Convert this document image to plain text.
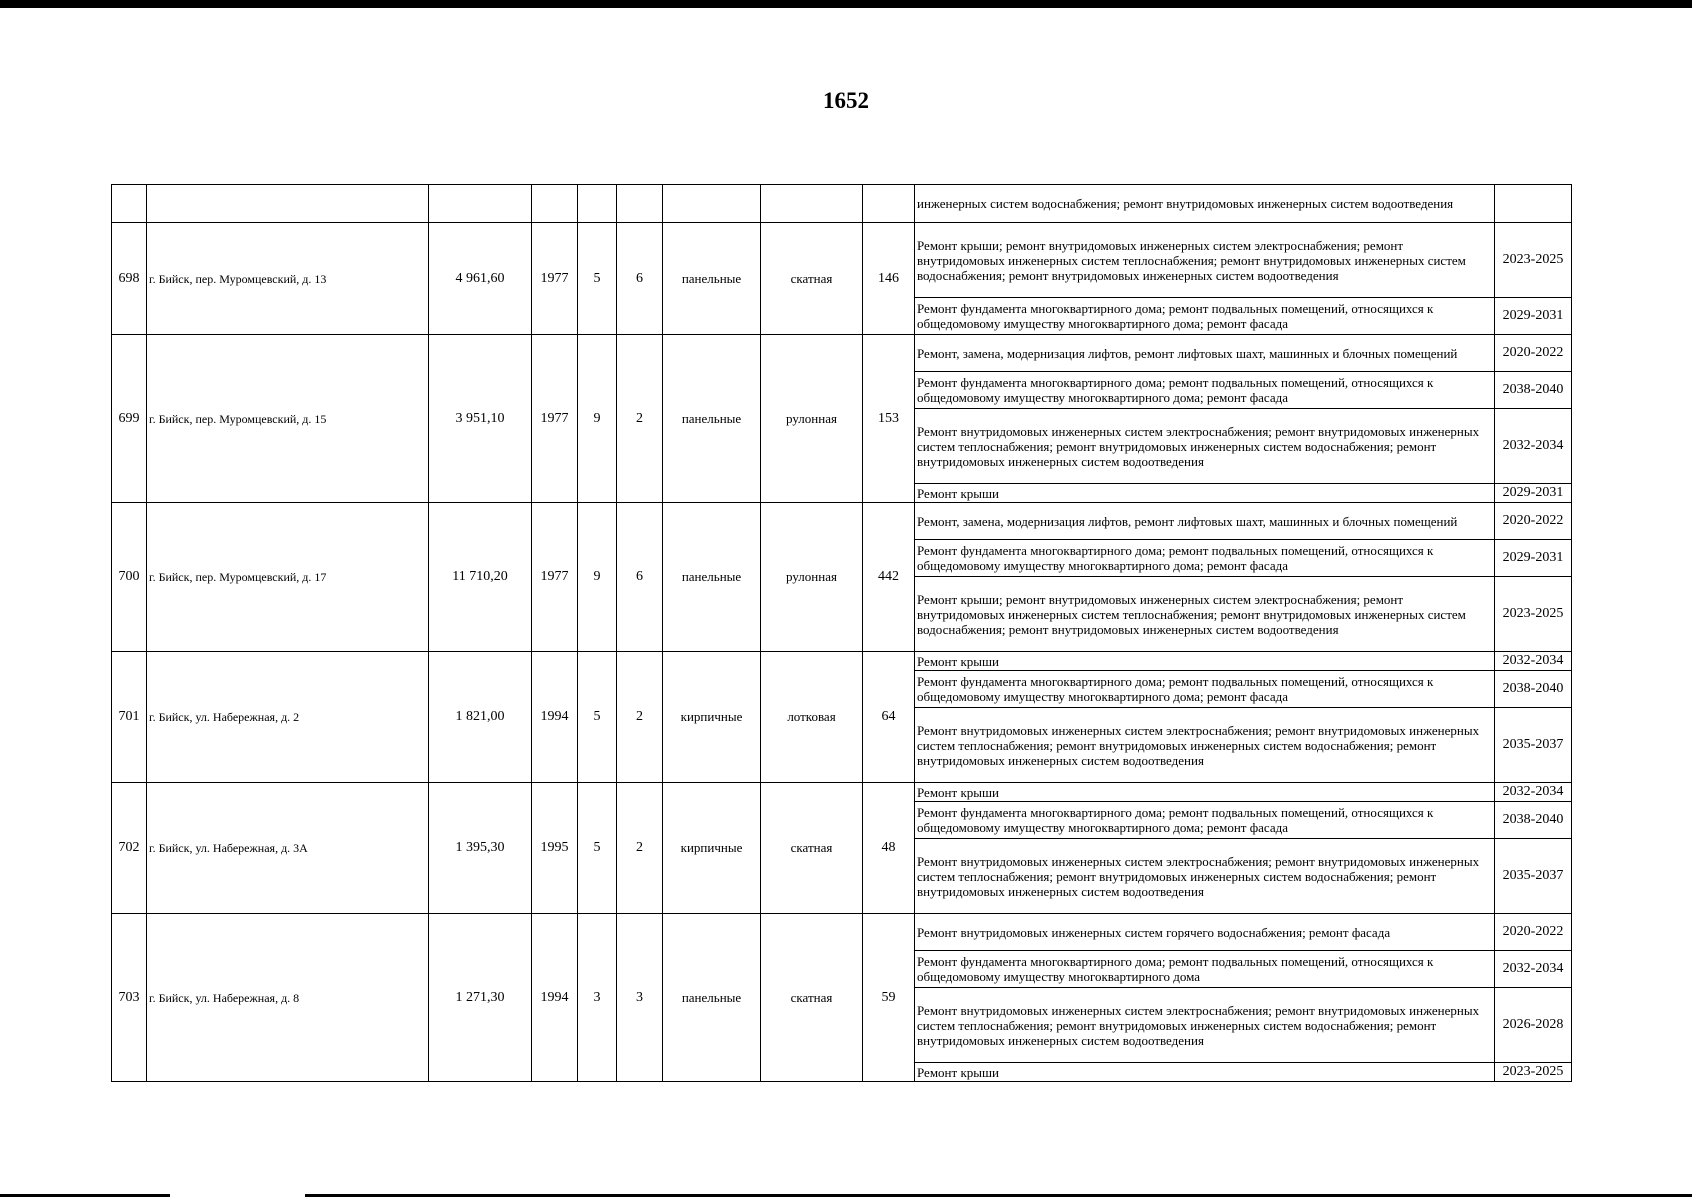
1652
									инженерных систем водоснабжения; ремонт внутридомовых инженерных систем водоотведения	
698	г. Бийск, пер. Муромцевский, д. 13	4 961,60	1977	5	6	панельные	скатная	146	Ремонт крыши; ремонт внутридомовых инженерных систем электроснабжения; ремонт внутридомовых инженерных систем теплоснабжения; ремонт внутридомовых инженерных систем водоснабжения; ремонт внутридомовых инженерных систем водоотведения	2023-2025
									Ремонт фундамента многоквартирного дома; ремонт подвальных помещений, относящихся к общедомовому имуществу многоквартирного дома; ремонт фасада	2029-2031
699	г. Бийск, пер. Муромцевский, д. 15	3 951,10	1977	9	2	панельные	рулонная	153	Ремонт, замена, модернизация лифтов, ремонт лифтовых шахт, машинных и блочных помещений	2020-2022
									Ремонт фундамента многоквартирного дома; ремонт подвальных помещений, относящихся к общедомовому имуществу многоквартирного дома; ремонт фасада	2038-2040
									Ремонт внутридомовых инженерных систем электроснабжения; ремонт внутридомовых инженерных систем теплоснабжения; ремонт внутридомовых инженерных систем водоснабжения; ремонт внутридомовых инженерных систем водоотведения	2032-2034
									Ремонт крыши	2029-2031
700	г. Бийск, пер. Муромцевский, д. 17	11 710,20	1977	9	6	панельные	рулонная	442	Ремонт, замена, модернизация лифтов, ремонт лифтовых шахт, машинных и блочных помещений	2020-2022
									Ремонт фундамента многоквартирного дома; ремонт подвальных помещений, относящихся к общедомовому имуществу многоквартирного дома; ремонт фасада	2029-2031
									Ремонт крыши; ремонт внутридомовых инженерных систем электроснабжения; ремонт внутридомовых инженерных систем теплоснабжения; ремонт внутридомовых инженерных систем водоснабжения; ремонт внутридомовых инженерных систем водоотведения	2023-2025
701	г. Бийск, ул. Набережная, д. 2	1 821,00	1994	5	2	кирпичные	лотковая	64	Ремонт крыши	2032-2034
									Ремонт фундамента многоквартирного дома; ремонт подвальных помещений, относящихся к общедомовому имуществу многоквартирного дома; ремонт фасада	2038-2040
									Ремонт внутридомовых инженерных систем электроснабжения; ремонт внутридомовых инженерных систем теплоснабжения; ремонт внутридомовых инженерных систем водоснабжения; ремонт внутридомовых инженерных систем водоотведения	2035-2037
702	г. Бийск, ул. Набережная, д. 3А	1 395,30	1995	5	2	кирпичные	скатная	48	Ремонт крыши	2032-2034
									Ремонт фундамента многоквартирного дома; ремонт подвальных помещений, относящихся к общедомовому имуществу многоквартирного дома; ремонт фасада	2038-2040
									Ремонт внутридомовых инженерных систем электроснабжения; ремонт внутридомовых инженерных систем теплоснабжения; ремонт внутридомовых инженерных систем водоснабжения; ремонт внутридомовых инженерных систем водоотведения	2035-2037
703	г. Бийск, ул. Набережная, д. 8	1 271,30	1994	3	3	панельные	скатная	59	Ремонт внутридомовых инженерных систем горячего водоснабжения; ремонт фасада	2020-2022
									Ремонт фундамента многоквартирного дома; ремонт подвальных помещений, относящихся к общедомовому имуществу многоквартирного дома	2032-2034
									Ремонт внутридомовых инженерных систем электроснабжения; ремонт внутридомовых инженерных систем теплоснабжения; ремонт внутридомовых инженерных систем водоснабжения; ремонт внутридомовых инженерных систем водоотведения	2026-2028
									Ремонт крыши	2023-2025
